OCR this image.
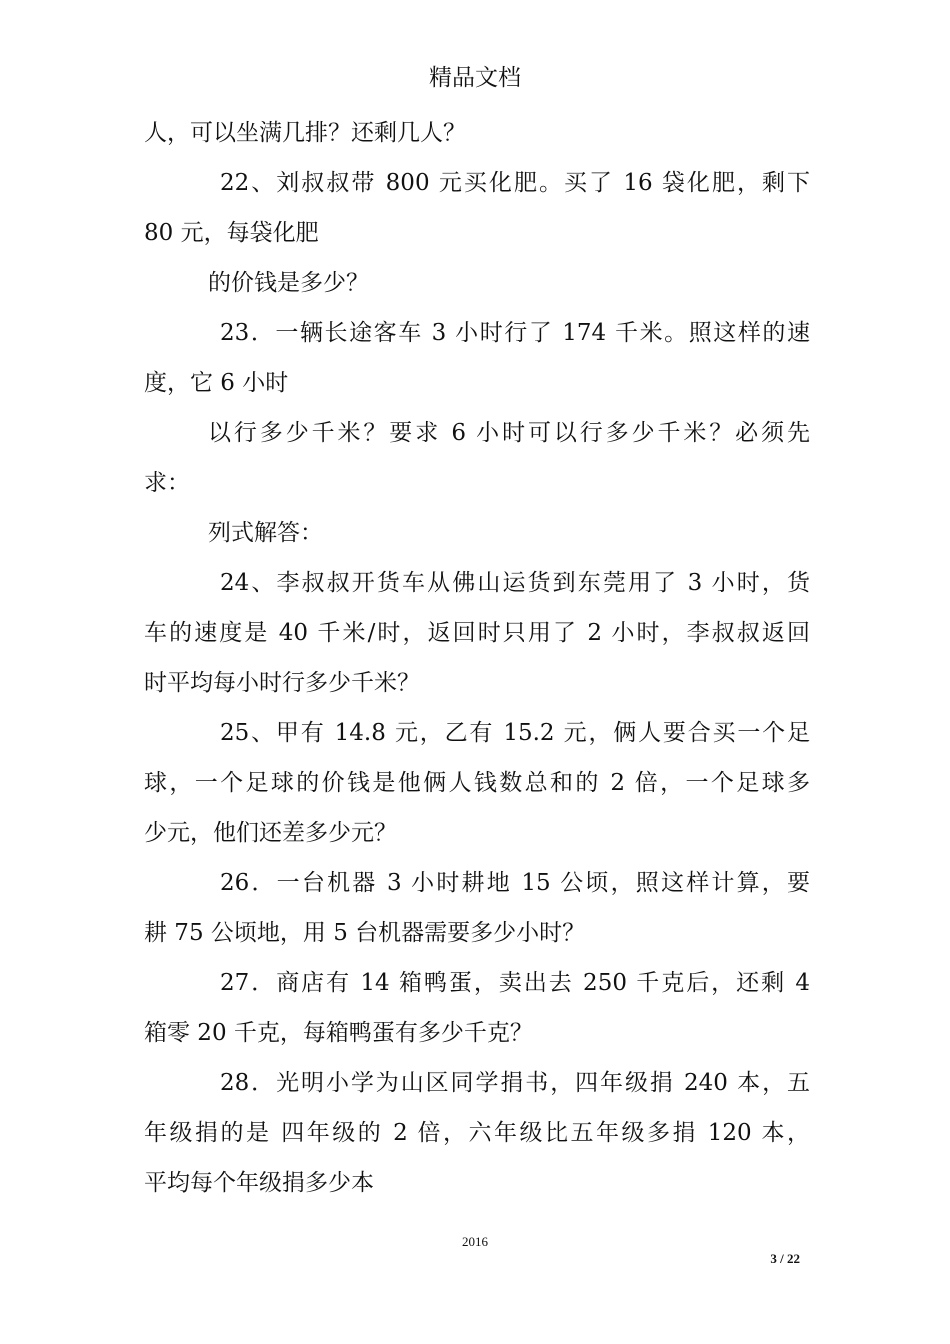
精品文档
人，可以坐满几排？还剩几人？
22、刘叔叔带 800 元买化肥。买了 16 袋化肥，剩下
80 元，每袋化肥
的价钱是多少？
23．一辆长途客车 3 小时行了 174 千米。照这样的速
度，它 6 小时
以行多少千米？要求 6 小时可以行多少千米？必须先
求：
列式解答：
24、李叔叔开货车从佛山运货到东莞用了 3 小时，货
车的速度是 40 千米/时，返回时只用了 2 小时，李叔叔返回
时平均每小时行多少千米？
25、甲有 14.8 元，乙有 15.2 元，俩人要合买一个足
球，一个足球的价钱是他俩人钱数总和的 2 倍，一个足球多
少元，他们还差多少元？
26．一台机器 3 小时耕地 15 公顷，照这样计算，要
耕 75 公顷地，用 5 台机器需要多少小时？
27．商店有 14 箱鸭蛋，卖出去 250 千克后，还剩 4
箱零 20 千克，每箱鸭蛋有多少千克？
28．光明小学为山区同学捐书，四年级捐 240 本，五
年级捐的是 四年级的 2 倍，六年级比五年级多捐 120 本，
平均每个年级捐多少本
2016
3 / 22
